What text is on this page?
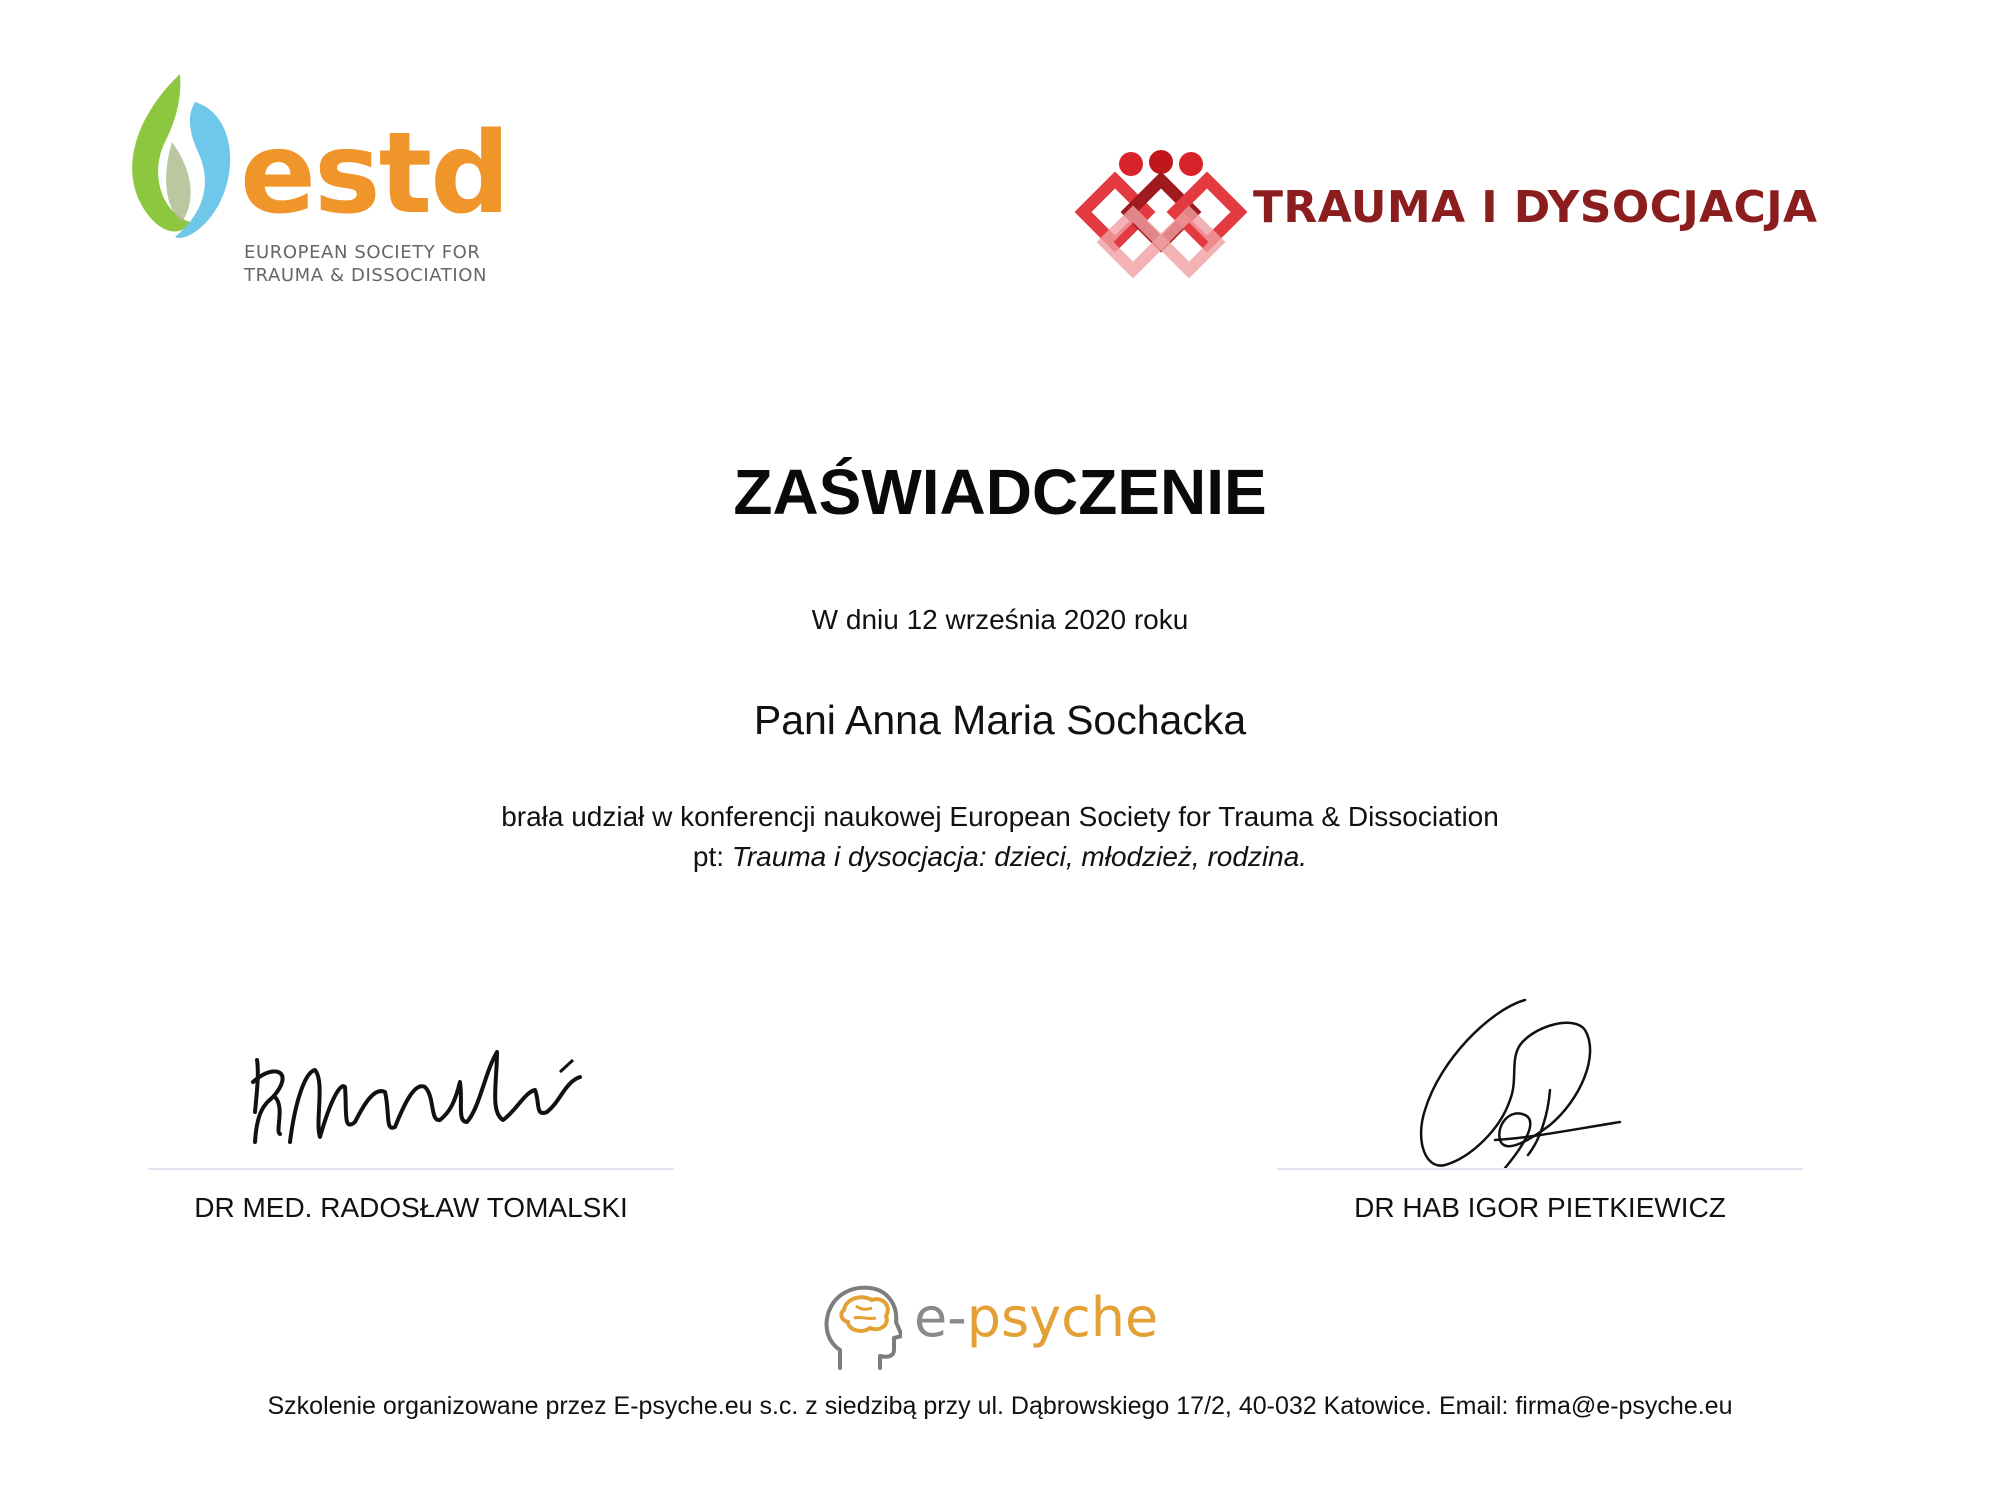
estd
EUROPEAN SOCIETY FOR
TRAUMA & DISSOCIATION
TRAUMA I DYSOCJACJA
ZAŚWIADCZENIE
W dniu 12 września 2020 roku
Pani Anna Maria Sochacka
brała udział w konferencji naukowej European Society for Trauma & Dissociation
pt: Trauma i dysocjacja: dzieci, młodzież, rodzina.
DR MED. RADOSŁAW TOMALSKI	DR HAB IGOR PIETKIEWICZ
e-psyche
Szkolenie organizowane przez E-psyche.eu s.c. z siedzibą przy ul. Dąbrowskiego 17/2, 40-032 Katowice. Email: firma@e-psyche.eu
